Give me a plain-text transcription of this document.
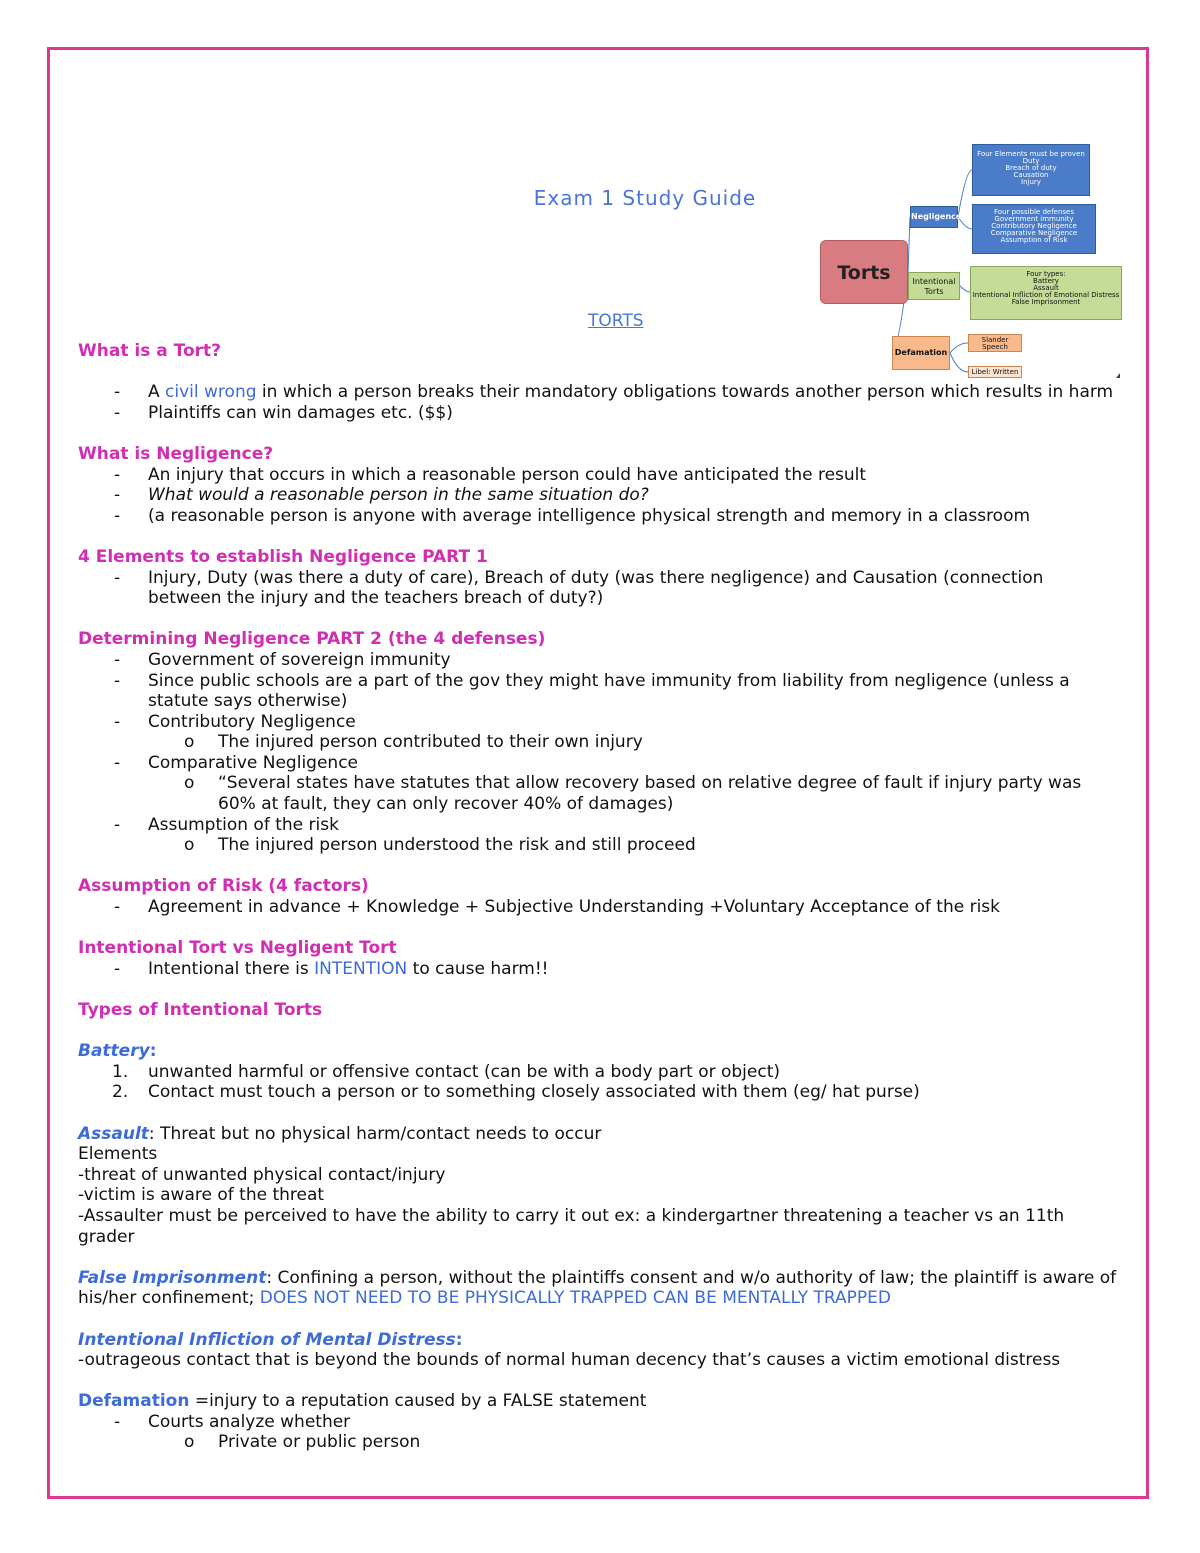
Exam 1 Study Guide
Torts
Negligence
Intentional
Torts
Defamation
Four Elements must be proven
Duty
Breach of duty
Causation
Injury
Four possible defenses
Government immunity
Contributory Negligence
Comparative Negligence
Assumption of Risk
Four types:
Battery
Assault
Intentional Infliction of Emotional Distress
False Imprisonment
Slander
Speech
Libel: Written
TORTS
What is a Tort?
- A civil wrong in which a person breaks their mandatory obligations towards another person which results in harm
- Plaintiffs can win damages etc. ($$)
What is Negligence?
- An injury that occurs in which a reasonable person could have anticipated the result
- What would a reasonable person in the same situation do?
- (a reasonable person is anyone with average intelligence physical strength and memory in a classroom
4 Elements to establish Negligence PART 1
- Injury, Duty (was there a duty of care), Breach of duty (was there negligence) and Causation (connection between the injury and the teachers breach of duty?)
Determining Negligence PART 2 (the 4 defenses)
- Government of sovereign immunity
- Since public schools are a part of the gov they might have immunity from liability from negligence (unless a statute says otherwise)
- Contributory Negligence
o The injured person contributed to their own injury
- Comparative Negligence
o “Several states have statutes that allow recovery based on relative degree of fault if injury party was 60% at fault, they can only recover 40% of damages)
- Assumption of the risk
o The injured person understood the risk and still proceed
Assumption of Risk (4 factors)
- Agreement in advance + Knowledge + Subjective Understanding +Voluntary Acceptance of the risk
Intentional Tort vs Negligent Tort
- Intentional there is INTENTION to cause harm!!
Types of Intentional Torts
Battery:
1. unwanted harmful or offensive contact (can be with a body part or object)
2. Contact must touch a person or to something closely associated with them (eg/ hat purse)
Assault: Threat but no physical harm/contact needs to occur
Elements
-threat of unwanted physical contact/injury
-victim is aware of the threat
-Assaulter must be perceived to have the ability to carry it out ex: a kindergartner threatening a teacher vs an 11th grader
False Imprisonment: Confining a person, without the plaintiffs consent and w/o authority of law; the plaintiff is aware of his/her confinement; DOES NOT NEED TO BE PHYSICALLY TRAPPED CAN BE MENTALLY TRAPPED
Intentional Infliction of Mental Distress:
-outrageous contact that is beyond the bounds of normal human decency that’s causes a victim emotional distress
Defamation =injury to a reputation caused by a FALSE statement
- Courts analyze whether
o Private or public person
